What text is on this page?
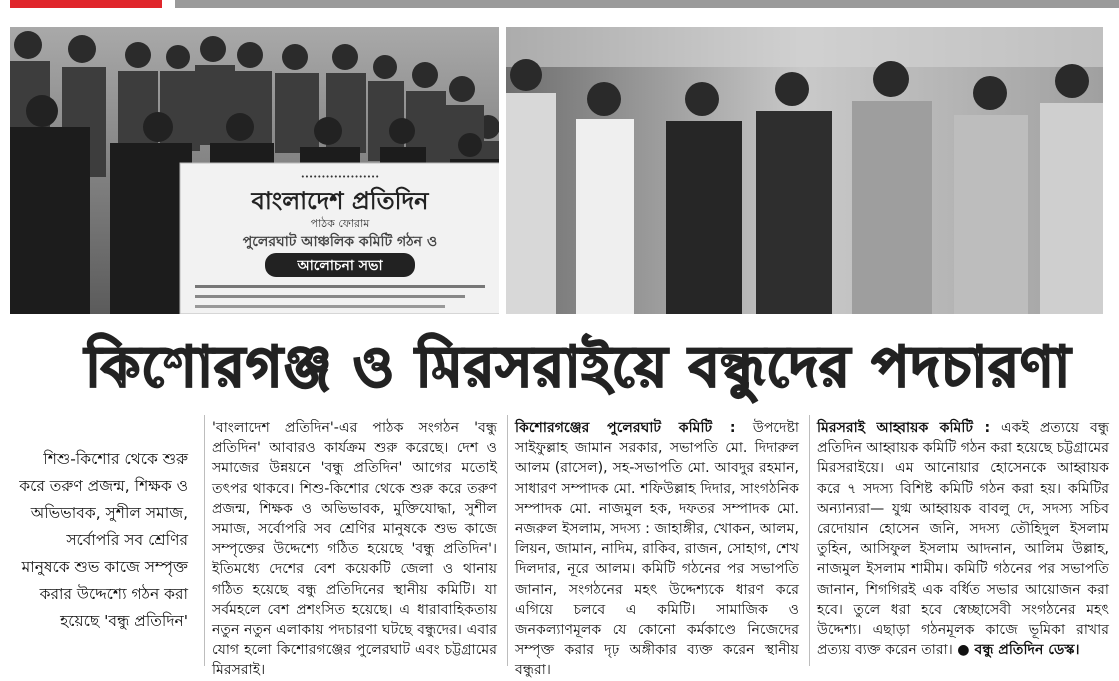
•••••••••••••••••••
বাংলাদেশ প্রতিদিন
পাঠক ফোরাম
পুলেরঘাট আঞ্চলিক কমিটি গঠন ও
আলোচনা সভা
কিশোরগঞ্জ ও মিরসরাইয়ে বন্ধুদের পদচারণা
শিশু-কিশোর থেকে শুরু করে তরুণ প্রজন্ম, শিক্ষক ও অভিভাবক, সুশীল সমাজ, সর্বোপরি সব শ্রেণির মানুষকে শুভ কাজে সম্পৃক্ত করার উদ্দেশ্যে গঠন করা হয়েছে 'বন্ধু প্রতিদিন'
'বাংলাদেশ প্রতিদিন'-এর পাঠক সংগঠন 'বন্ধু প্রতিদিন' আবারও কার্যক্রম শুরু করেছে। দেশ ও সমাজের উন্নয়নে 'বন্ধু প্রতিদিন' আগের মতোই তৎপর থাকবে। শিশু-কিশোর থেকে শুরু করে তরুণ প্রজন্ম, শিক্ষক ও অভিভাবক, মুক্তিযোদ্ধা, সুশীল সমাজ, সর্বোপরি সব শ্রেণির মানুষকে শুভ কাজে সম্পৃক্তের উদ্দেশ্যে গঠিত হয়েছে 'বন্ধু প্রতিদিন'। ইতিমধ্যে দেশের বেশ কয়েকটি জেলা ও থানায় গঠিত হয়েছে বন্ধু প্রতিদিনের স্থানীয় কমিটি। যা সর্বমহলে বেশ প্রশংসিত হয়েছে। এ ধারাবাহিকতায় নতুন নতুন এলাকায় পদচারণা ঘটছে বন্ধুদের। এবার যোগ হলো কিশোরগঞ্জের পুলেরঘাট এবং চট্টগ্রামের মিরসরাই।
কিশোরগঞ্জের পুলেরঘাট কমিটি : উপদেষ্টা সাইফুল্লাহ জামান সরকার, সভাপতি মো. দিদারুল আলম (রাসেল), সহ-সভাপতি মো. আবদুর রহমান, সাধারণ সম্পাদক মো. শফিউল্লাহ দিদার, সাংগঠনিক সম্পাদক মো. নাজমুল হক, দফতর সম্পাদক মো. নজরুল ইসলাম, সদস্য : জাহাঙ্গীর, খোকন, আলম, লিয়ন, জামান, নাদিম, রাকিব, রাজন, সোহাগ, শেখ দিলদার, নূরে আলম। কমিটি গঠনের পর সভাপতি জানান, সংগঠনের মহৎ উদ্দেশ্যকে ধারণ করে এগিয়ে চলবে এ কমিটি। সামাজিক ও জনকল্যাণমূলক যে কোনো কর্মকাণ্ডে নিজেদের সম্পৃক্ত করার দৃঢ় অঙ্গীকার ব্যক্ত করেন স্থানীয় বন্ধুরা।
মিরসরাই আহ্বায়ক কমিটি : একই প্রত্যয়ে বন্ধু প্রতিদিন আহ্বায়ক কমিটি গঠন করা হয়েছে চট্টগ্রামের মিরসরাইয়ে। এম আনোয়ার হোসেনকে আহ্বায়ক করে ৭ সদস্য বিশিষ্ট কমিটি গঠন করা হয়। কমিটির অন্যান্যরা— যুগ্ম আহ্বায়ক বাবলু দে, সদস্য সচিব রেদোয়ান হোসেন জনি, সদস্য তৌহিদুল ইসলাম তুহিন, আসিফুল ইসলাম আদনান, আলিম উল্লাহ, নাজমুল ইসলাম শামীম। কমিটি গঠনের পর সভাপতি জানান, শিগগিরই এক বর্ধিত সভার আয়োজন করা হবে। তুলে ধরা হবে স্বেচ্ছাসেবী সংগঠনের মহৎ উদ্দেশ্য। এছাড়া গঠনমূলক কাজে ভূমিকা রাখার প্রত্যয় ব্যক্ত করেন তারা। ● বন্ধু প্রতিদিন ডেস্ক।
